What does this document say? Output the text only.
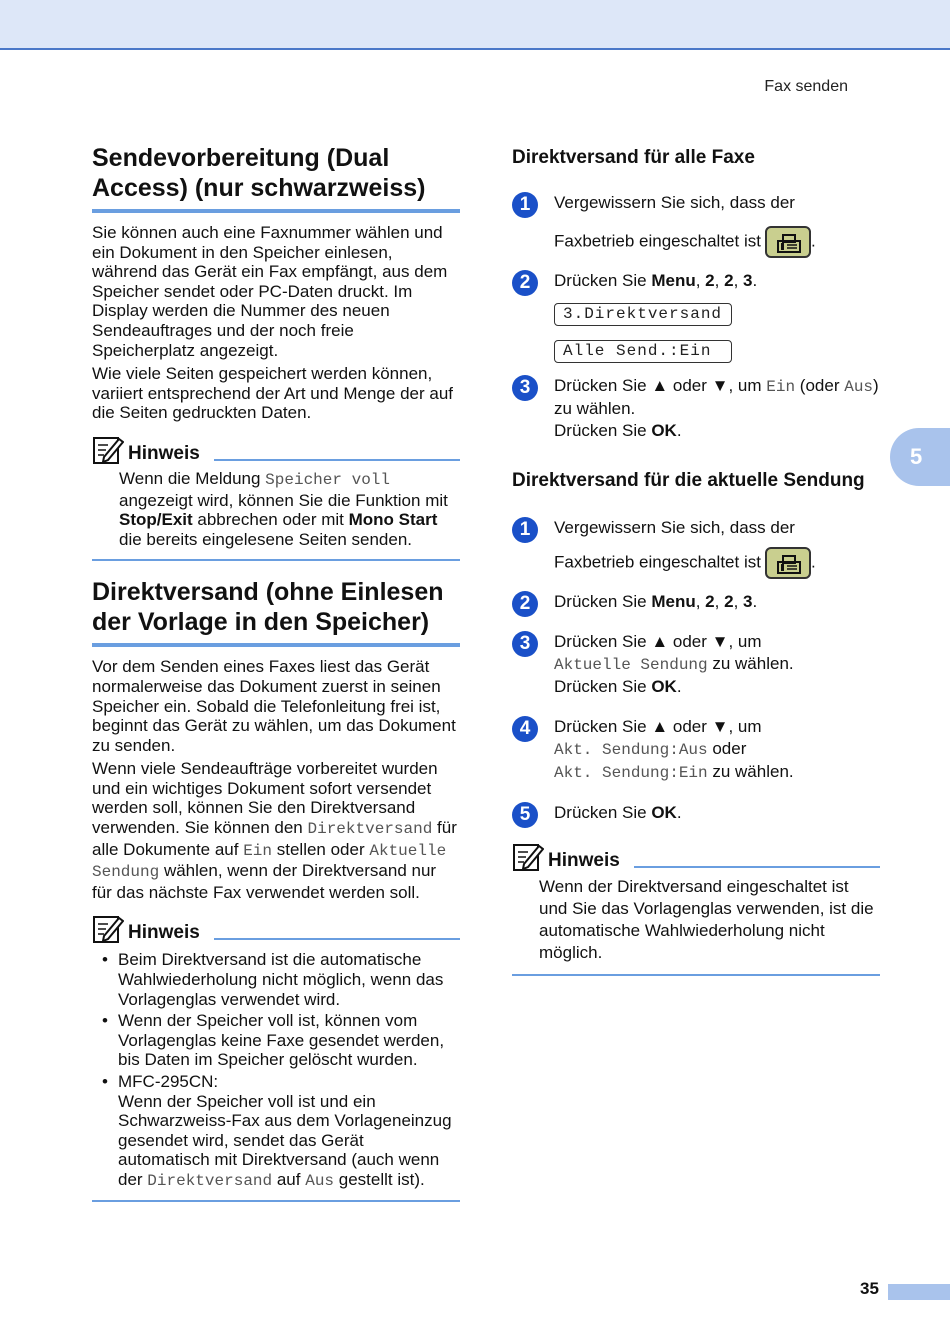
Fax senden
Sendevorbereitung (Dual Access) (nur schwarzweiss)

Sie können auch eine Faxnummer wählen und ein Dokument in den Speicher einlesen, während das Gerät ein Fax empfängt, aus dem Speicher sendet oder PC-Daten druckt. Im Display werden die Nummer des neuen Sendeauftrages und der noch freie Speicherplatz angezeigt.

Wie viele Seiten gespeichert werden können, variiert entsprechend der Art und Menge der auf die Seiten gedruckten Daten.

Hinweis
Wenn die Meldung Speicher voll angezeigt wird, können Sie die Funktion mit Stop/Exit abbrechen oder mit Mono Start die bereits eingelesene Seiten senden.
Direktversand (ohne Einlesen der Vorlage in den Speicher)

Vor dem Senden eines Faxes liest das Gerät normalerweise das Dokument zuerst in seinen Speicher ein. Sobald die Telefonleitung frei ist, beginnt das Gerät zu wählen, um das Dokument zu senden.

Wenn viele Sendeaufträge vorbereitet wurden und ein wichtiges Dokument sofort versendet werden soll, können Sie den Direktversand verwenden. Sie können den Direktversand für alle Dokumente auf Ein stellen oder Aktuelle Sendung wählen, wenn der Direktversand nur für das nächste Fax verwendet werden soll.

Hinweis
• Beim Direktversand ist die automatische Wahlwiederholung nicht möglich, wenn das Vorlagenglas verwendet wird.
• Wenn der Speicher voll ist, können vom Vorlagenglas keine Faxe gesendet werden, bis Daten im Speicher gelöscht wurden.
• MFC-295CN:
Wenn der Speicher voll ist und ein Schwarzweiss-Fax aus dem Vorlageneinzug gesendet wird, sendet das Gerät automatisch mit Direktversand (auch wenn der Direktversand auf Aus gestellt ist).
Direktversand für alle Faxe
1	Vergewissern Sie sich, dass der
Faxbetrieb eingeschaltet ist	.
2	Drücken Sie Menu, 2, 2, 3.
3.Direktversand
Alle Send.:Ein
3	Drücken Sie ▲ oder ▼, um Ein (oder Aus) zu wählen.
Drücken Sie OK.
Direktversand für die aktuelle Sendung
1	Vergewissern Sie sich, dass der
Faxbetrieb eingeschaltet ist	.
2	Drücken Sie Menu, 2, 2, 3.
3	Drücken Sie ▲ oder ▼, um
Aktuelle Sendung zu wählen.
Drücken Sie OK.
4	Drücken Sie ▲ oder ▼, um
Akt. Sendung:Aus oder
Akt. Sendung:Ein zu wählen.
5	Drücken Sie OK.
Hinweis
Wenn der Direktversand eingeschaltet ist und Sie das Vorlagenglas verwenden, ist die automatische Wahlwiederholung nicht möglich.
5
35
